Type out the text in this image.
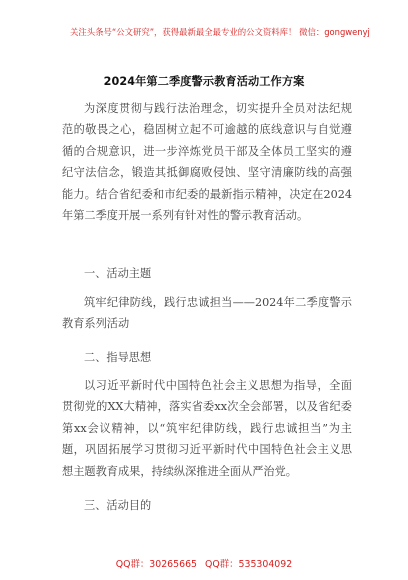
关注头条号“公文研究”，获得最新最全最专业的公文资料库！ 微信：gongwenyj
2024年第二季度警示教育活动工作方案

为深度贯彻与践行法治理念，切实提升全员对法纪规范的敬畏之心，稳固树立起不可逾越的底线意识与自觉遵循的合规意识，进一步淬炼党员干部及全体员工坚实的遵纪守法信念，锻造其抵御腐败侵蚀、坚守清廉防线的高强能力。结合省纪委和市纪委的最新指示精神，决定在2024年第二季度开展一系列有针对性的警示教育活动。

一、活动主题

筑牢纪律防线，践行忠诚担当——2024年二季度警示教育系列活动

二、指导思想

以习近平新时代中国特色社会主义思想为指导，全面贯彻党的XX大精神，落实省委xx次全会部署，以及省纪委第xx会议精神，以“筑牢纪律防线，践行忠诚担当”为主题，巩固拓展学习贯彻习近平新时代中国特色社会主义思想主题教育成果，持续纵深推进全面从严治党。

三、活动目的
QQ群：30265665 QQ群：535304092
